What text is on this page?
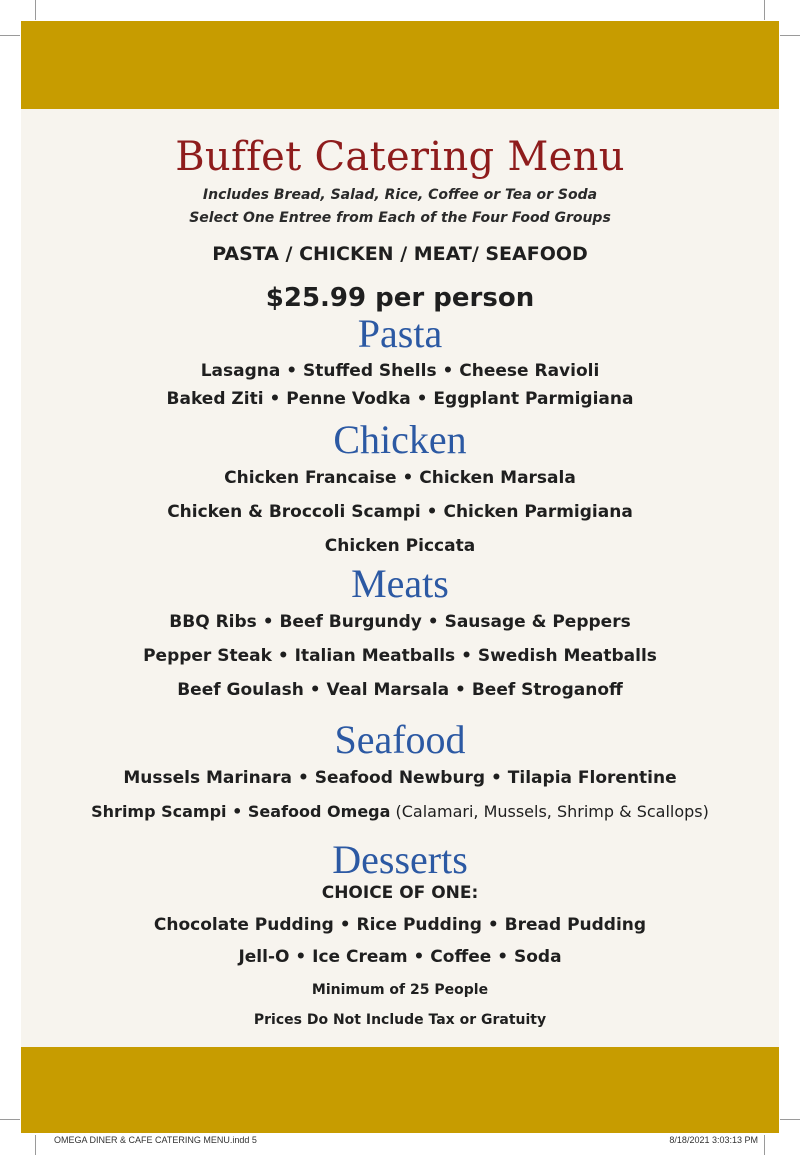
Buffet Catering Menu
Includes Bread, Salad, Rice, Coffee or Tea or Soda
Select One Entree from Each of the Four Food Groups
PASTA / CHICKEN / MEAT/ SEAFOOD
$25.99 per person
Pasta
Lasagna • Stuffed Shells • Cheese Ravioli
Baked Ziti • Penne Vodka • Eggplant Parmigiana
Chicken
Chicken Francaise • Chicken Marsala
Chicken & Broccoli Scampi • Chicken Parmigiana
Chicken Piccata
Meats
BBQ Ribs • Beef Burgundy • Sausage & Peppers
Pepper Steak • Italian Meatballs • Swedish Meatballs
Beef Goulash • Veal Marsala • Beef Stroganoff
Seafood
Mussels Marinara • Seafood Newburg • Tilapia Florentine
Shrimp Scampi • Seafood Omega (Calamari, Mussels, Shrimp & Scallops)
Desserts
CHOICE OF ONE:
Chocolate Pudding • Rice Pudding • Bread Pudding
Jell-O • Ice Cream • Coffee • Soda
Minimum of 25 People
Prices Do Not Include Tax or Gratuity
OMEGA DINER & CAFE CATERING MENU.indd 5	8/18/2021 3:03:13 PM
